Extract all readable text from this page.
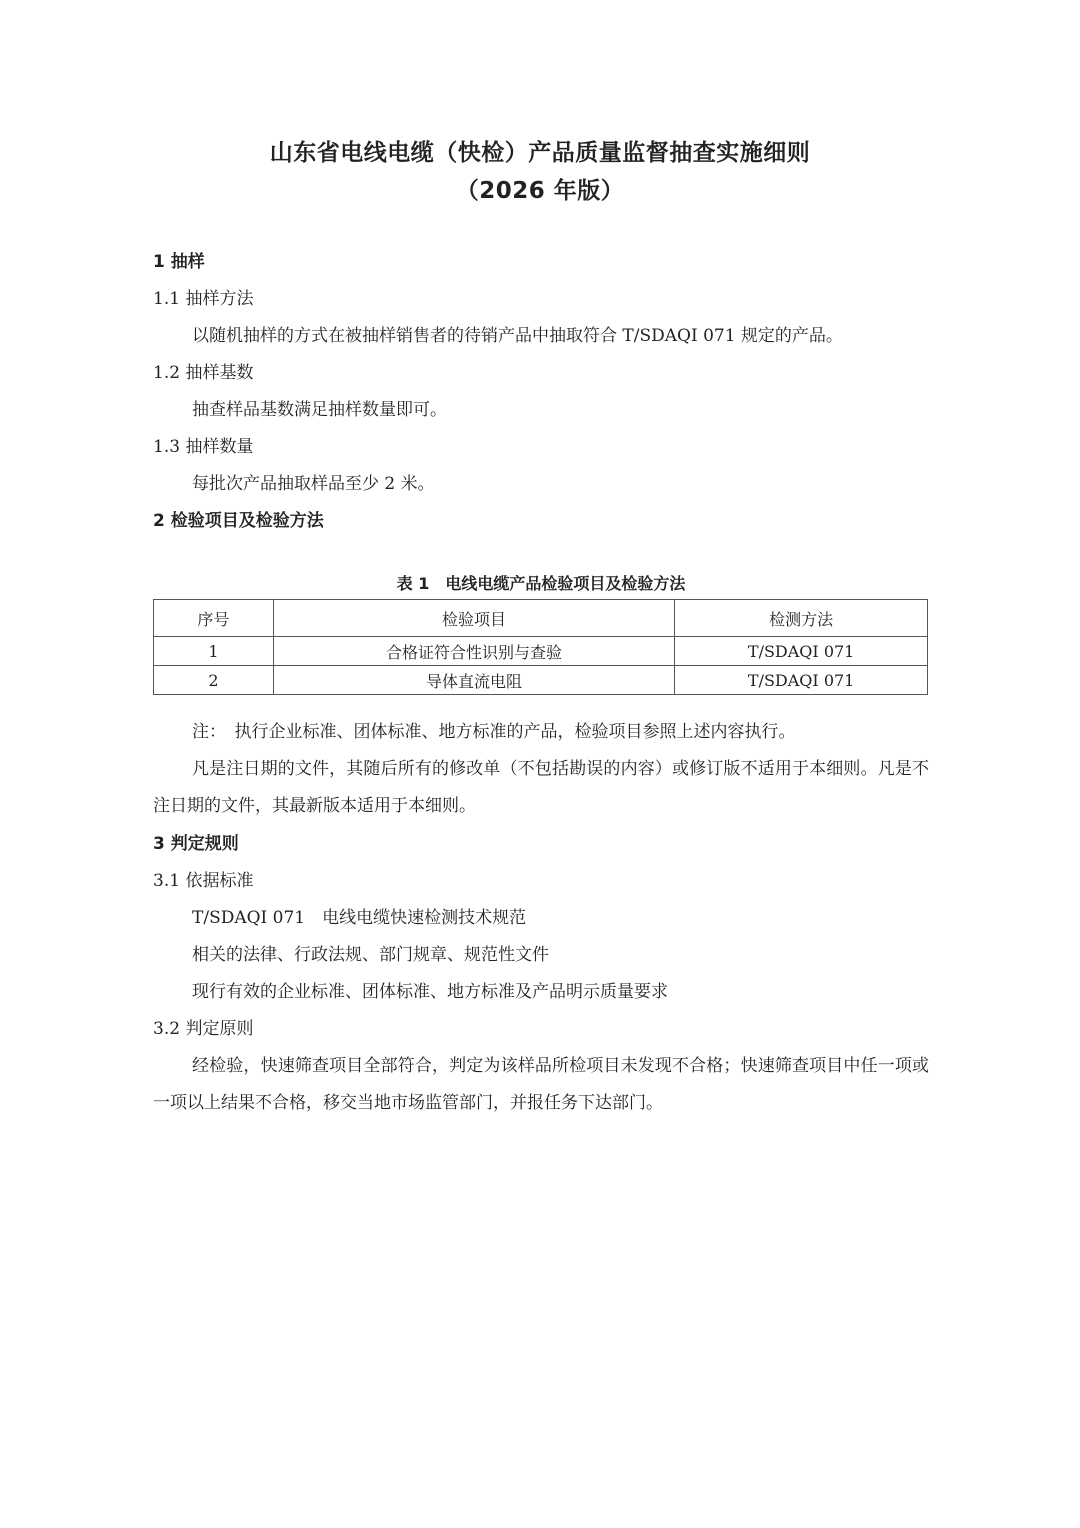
山东省电线电缆（快检）产品质量监督抽查实施细则
（2026 年版）
1 抽样
1.1 抽样方法
以随机抽样的方式在被抽样销售者的待销产品中抽取符合 T/SDAQI 071 规定的产品。
1.2 抽样基数
抽查样品基数满足抽样数量即可。
1.3 抽样数量
每批次产品抽取样品至少 2 米。
2 检验项目及检验方法
表 1　电线电缆产品检验项目及检验方法
序号	检验项目	检测方法
1	合格证符合性识别与查验	T/SDAQI 071
2	导体直流电阻	T/SDAQI 071
注：　执行企业标准、团体标准、地方标准的产品，检验项目参照上述内容执行。
凡是注日期的文件，其随后所有的修改单（不包括勘误的内容）或修订版不适用于本细则。凡是不注日期的文件，其最新版本适用于本细则。
3 判定规则
3.1 依据标准
T/SDAQI 071　电线电缆快速检测技术规范
相关的法律、行政法规、部门规章、规范性文件
现行有效的企业标准、团体标准、地方标准及产品明示质量要求
3.2 判定原则
经检验，快速筛查项目全部符合，判定为该样品所检项目未发现不合格；快速筛查项目中任一项或一项以上结果不合格，移交当地市场监管部门，并报任务下达部门。
